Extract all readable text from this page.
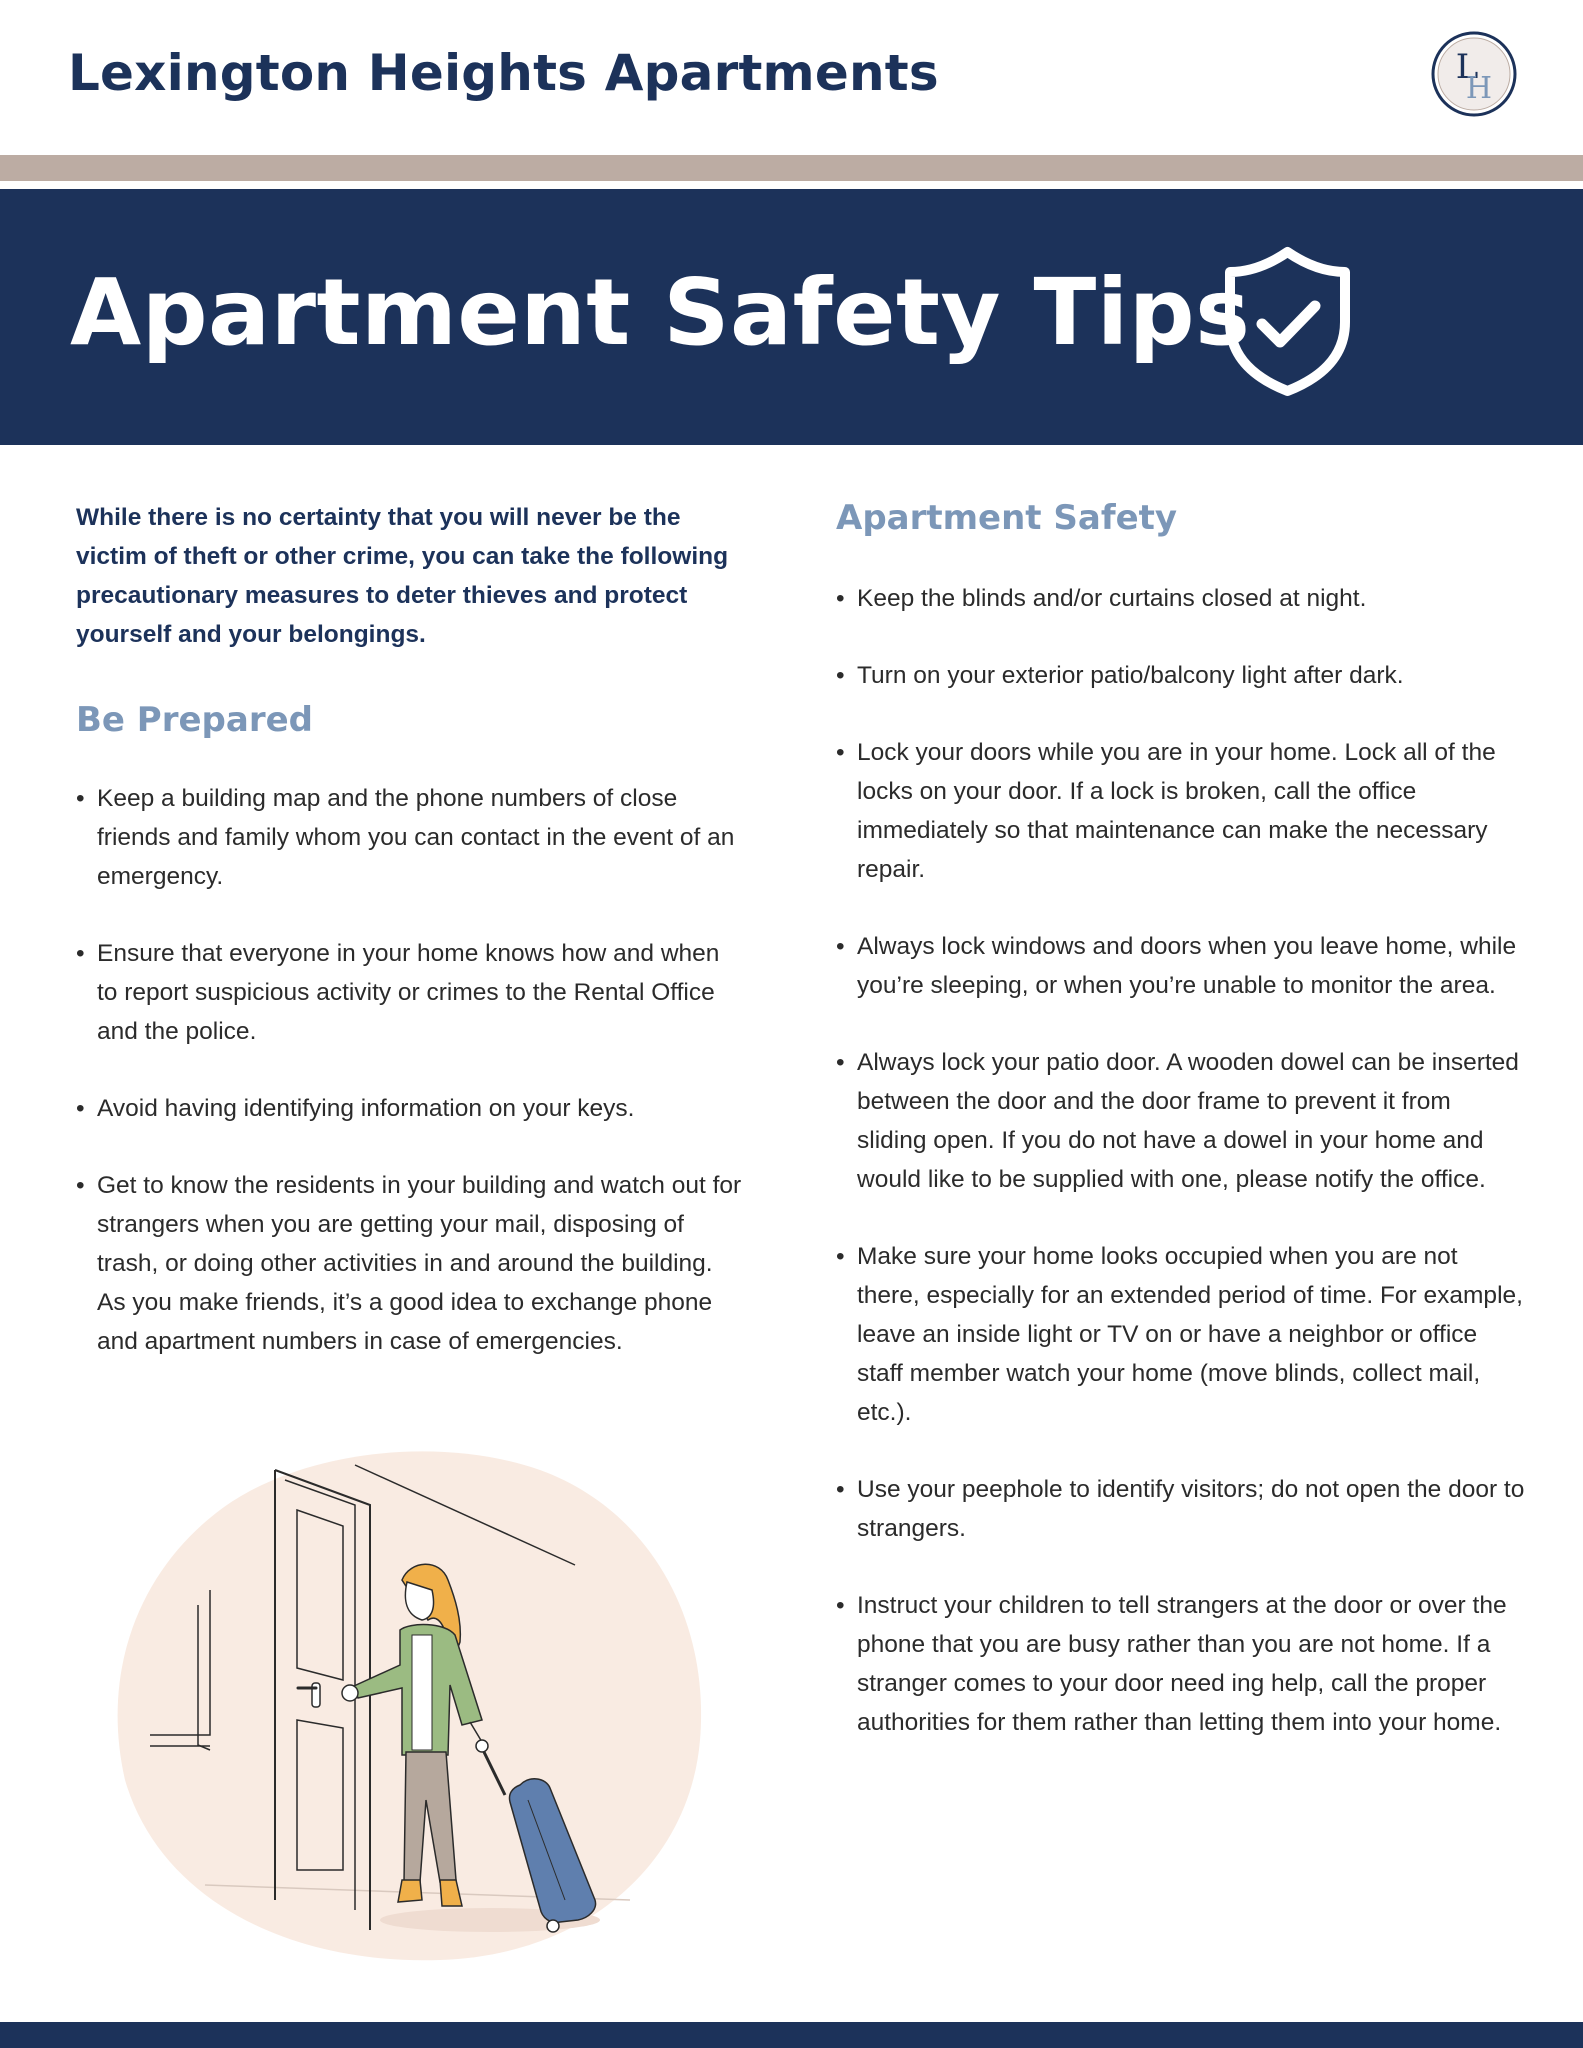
Lexington Heights Apartments	L
H
Apartment Safety Tips

While there is no certainty that you will never be the victim of theft or other crime, you can take the following precautionary measures to deter thieves and protect yourself and your belongings.

Be Prepared
• Keep a building map and the phone numbers of close friends and family whom you can contact in the event of an emergency.
• Ensure that everyone in your home knows how and when to report suspicious activity or crimes to the Rental Office and the police.
• Avoid having identifying information on your keys.
• Get to know the residents in your building and watch out for strangers when you are getting your mail, disposing of trash, or doing other activities in and around the building. As you make friends, it’s a good idea to exchange phone and apartment numbers in case of emergencies.
Apartment Safety
• Keep the blinds and/or curtains closed at night.
• Turn on your exterior patio/balcony light after dark.
• Lock your doors while you are in your home. Lock all of the locks on your door. If a lock is broken, call the office immediately so that maintenance can make the necessary repair.
• Always lock windows and doors when you leave home, while you’re sleeping, or when you’re unable to monitor the area.
• Always lock your patio door. A wooden dowel can be inserted between the door and the door frame to prevent it from sliding open. If you do not have a dowel in your home and would like to be supplied with one, please notify the office.
• Make sure your home looks occupied when you are not there, especially for an extended period of time. For example, leave an inside light or TV on or have a neighbor or office staff member watch your home (move blinds, collect mail, etc.).
• Use your peephole to identify visitors; do not open the door to strangers.
• Instruct your children to tell strangers at the door or over the phone that you are busy rather than you are not home. If a stranger comes to your door need ing help, call the proper authorities for them rather than letting them into your home.
